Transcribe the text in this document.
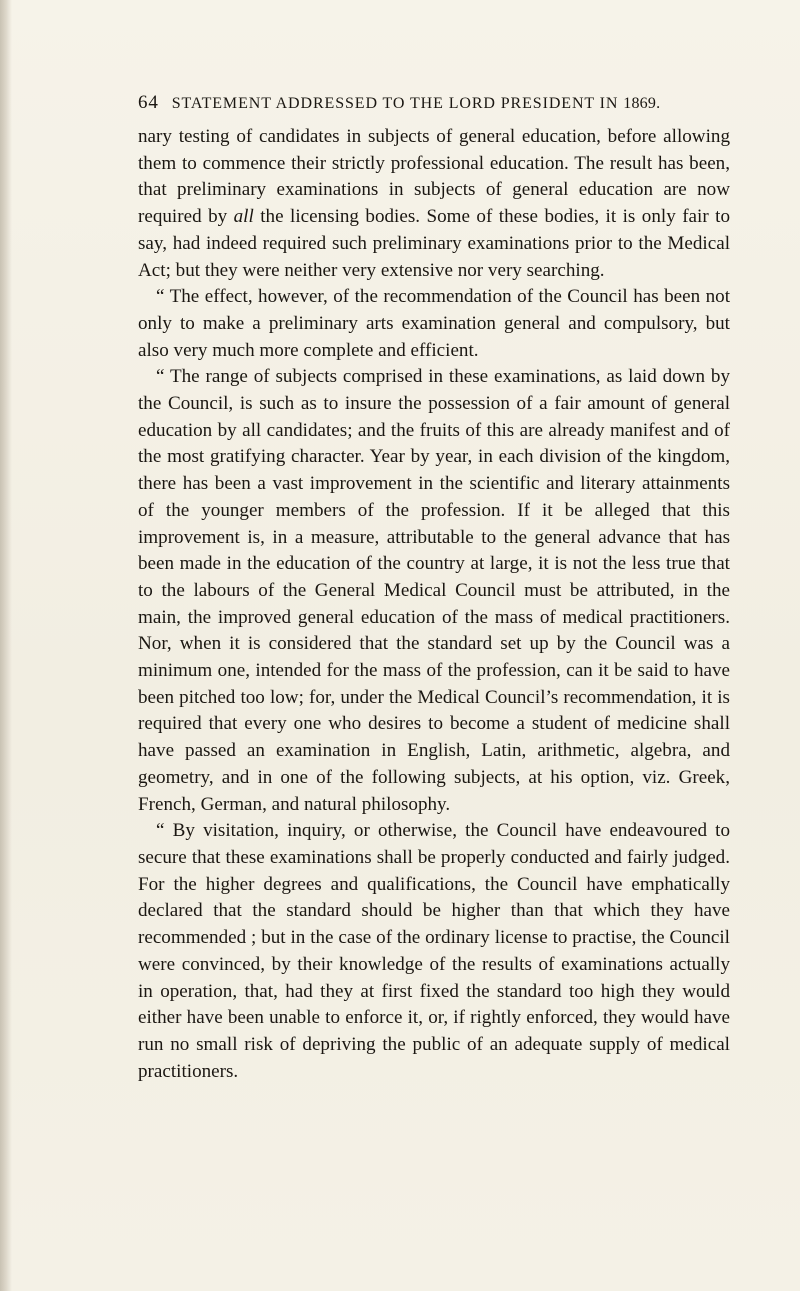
64 STATEMENT ADDRESSED TO THE LORD PRESIDENT IN 1869.

nary testing of candidates in subjects of general education, before allowing them to commence their strictly professional education. The result has been, that preliminary examinations in subjects of general education are now required by all the licensing bodies. Some of these bodies, it is only fair to say, had indeed required such preliminary examinations prior to the Medical Act; but they were neither very extensive nor very searching.

“ The effect, however, of the recommendation of the Council has been not only to make a preliminary arts examination general and compulsory, but also very much more complete and efficient.

“ The range of subjects comprised in these examinations, as laid down by the Council, is such as to insure the possession of a fair amount of general education by all candidates; and the fruits of this are already manifest and of the most gratifying character. Year by year, in each division of the kingdom, there has been a vast improvement in the scientific and literary attainments of the younger members of the profession. If it be alleged that this improvement is, in a measure, attributable to the general advance that has been made in the education of the country at large, it is not the less true that to the labours of the General Medical Council must be attributed, in the main, the improved general education of the mass of medical practitioners. Nor, when it is considered that the standard set up by the Council was a minimum one, intended for the mass of the profession, can it be said to have been pitched too low; for, under the Medical Council’s recommendation, it is required that every one who desires to become a student of medicine shall have passed an examination in English, Latin, arithmetic, algebra, and geometry, and in one of the following subjects, at his option, viz. Greek, French, German, and natural philosophy.

“ By visitation, inquiry, or otherwise, the Council have endeavoured to secure that these examinations shall be properly conducted and fairly judged. For the higher degrees and qualifications, the Council have emphatically declared that the standard should be higher than that which they have recommended ; but in the case of the ordinary license to practise, the Council were convinced, by their knowledge of the results of examinations actually in operation, that, had they at first fixed the standard too high they would either have been unable to enforce it, or, if rightly enforced, they would have run no small risk of depriving the public of an adequate supply of medical practitioners.
